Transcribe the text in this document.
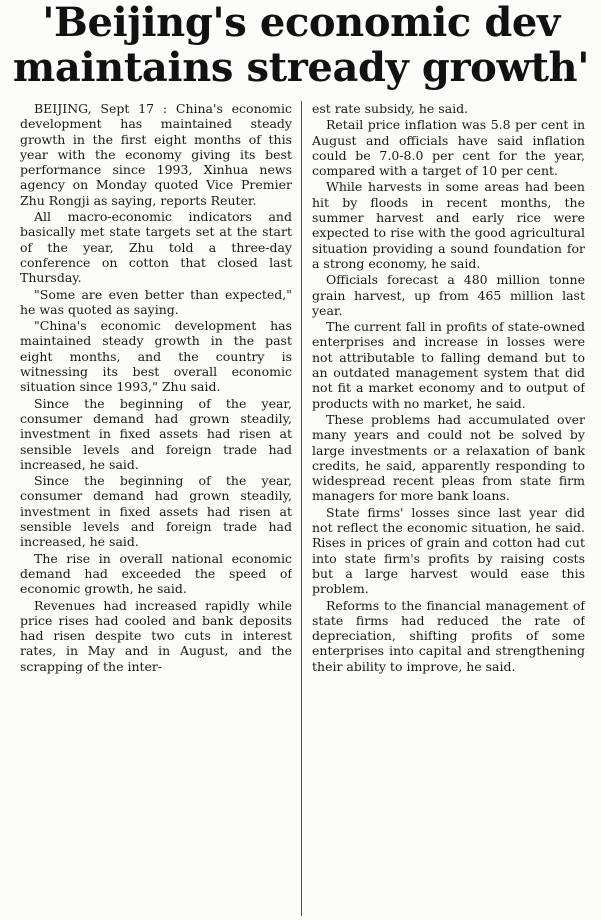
'Beijing's economic dev
maintains stready growth'

BEIJING, Sept 17 : China's economic development has maintained steady growth in the first eight months of this year with the economy giving its best performance since 1993, Xinhua news agency on Monday quoted Vice Premier Zhu Rongji as saying, reports Reuter.

All macro-economic indicators and basically met state targets set at the start of the year, Zhu told a three-day conference on cotton that closed last Thursday.

"Some are even better than expected," he was quoted as saying.

"China's economic development has maintained steady growth in the past eight months, and the country is witnessing its best overall economic situation since 1993," Zhu said.

Since the beginning of the year, consumer demand had grown steadily, investment in fixed assets had risen at sensible levels and foreign trade had increased, he said.

Since the beginning of the year, consumer demand had grown steadily, investment in fixed assets had risen at sensible levels and foreign trade had increased, he said.

The rise in overall national economic demand had exceeded the speed of economic growth, he said.

Revenues had increased rapidly while price rises had cooled and bank deposits had risen despite two cuts in interest rates, in May and in August, and the scrapping of the inter-

est rate subsidy, he said.

Retail price inflation was 5.8 per cent in August and officials have said inflation could be 7.0-8.0 per cent for the year, compared with a target of 10 per cent.

While harvests in some areas had been hit by floods in recent months, the summer harvest and early rice were expected to rise with the good agricultural situation providing a sound foundation for a strong economy, he said.

Officials forecast a 480 million tonne grain harvest, up from 465 million last year.

The current fall in profits of state-owned enterprises and increase in losses were not attributable to falling demand but to an outdated management system that did not fit a market economy and to output of products with no market, he said.

These problems had accumulated over many years and could not be solved by large investments or a relaxation of bank credits, he said, apparently responding to widespread recent pleas from state firm managers for more bank loans.

State firms' losses since last year did not reflect the economic situation, he said. Rises in prices of grain and cotton had cut into state firm's profits by raising costs but a large harvest would ease this problem.

Reforms to the financial management of state firms had reduced the rate of depreciation, shifting profits of some enterprises into capital and strengthening their ability to improve, he said.
